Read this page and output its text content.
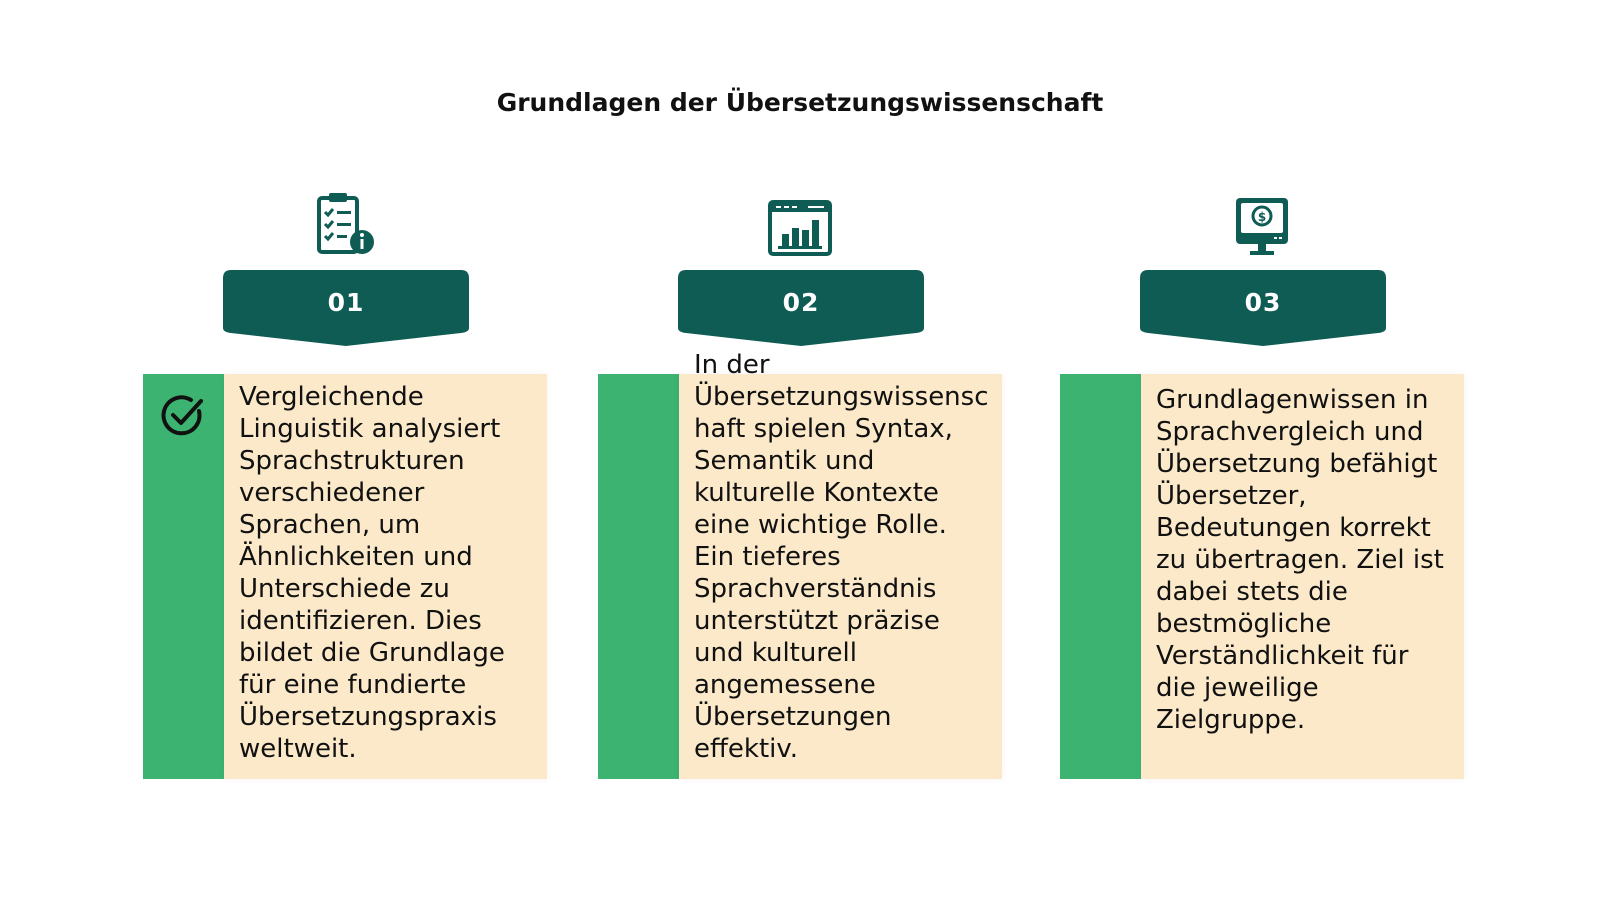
Grundlagen der Übersetzungswissenschaft
01

Vergleichende Linguistik analysiert Sprachstrukturen verschiedener Sprachen, um Ähnlichkeiten und Unterschiede zu identifizieren. Dies bildet die Grundlage für eine fundierte Übersetzungspraxis weltweit.

02

In der Übersetzungswissenschaft spielen Syntax, Semantik und kulturelle Kontexte eine wichtige Rolle. Ein tieferes Sprachverständnis unterstützt präzise und kulturell angemessene Übersetzungen effektiv.

$
03

Grundlagenwissen in Sprachvergleich und Übersetzung befähigt Übersetzer, Bedeutungen korrekt zu übertragen. Ziel ist dabei stets die bestmögliche Verständlichkeit für die jeweilige Zielgruppe.
